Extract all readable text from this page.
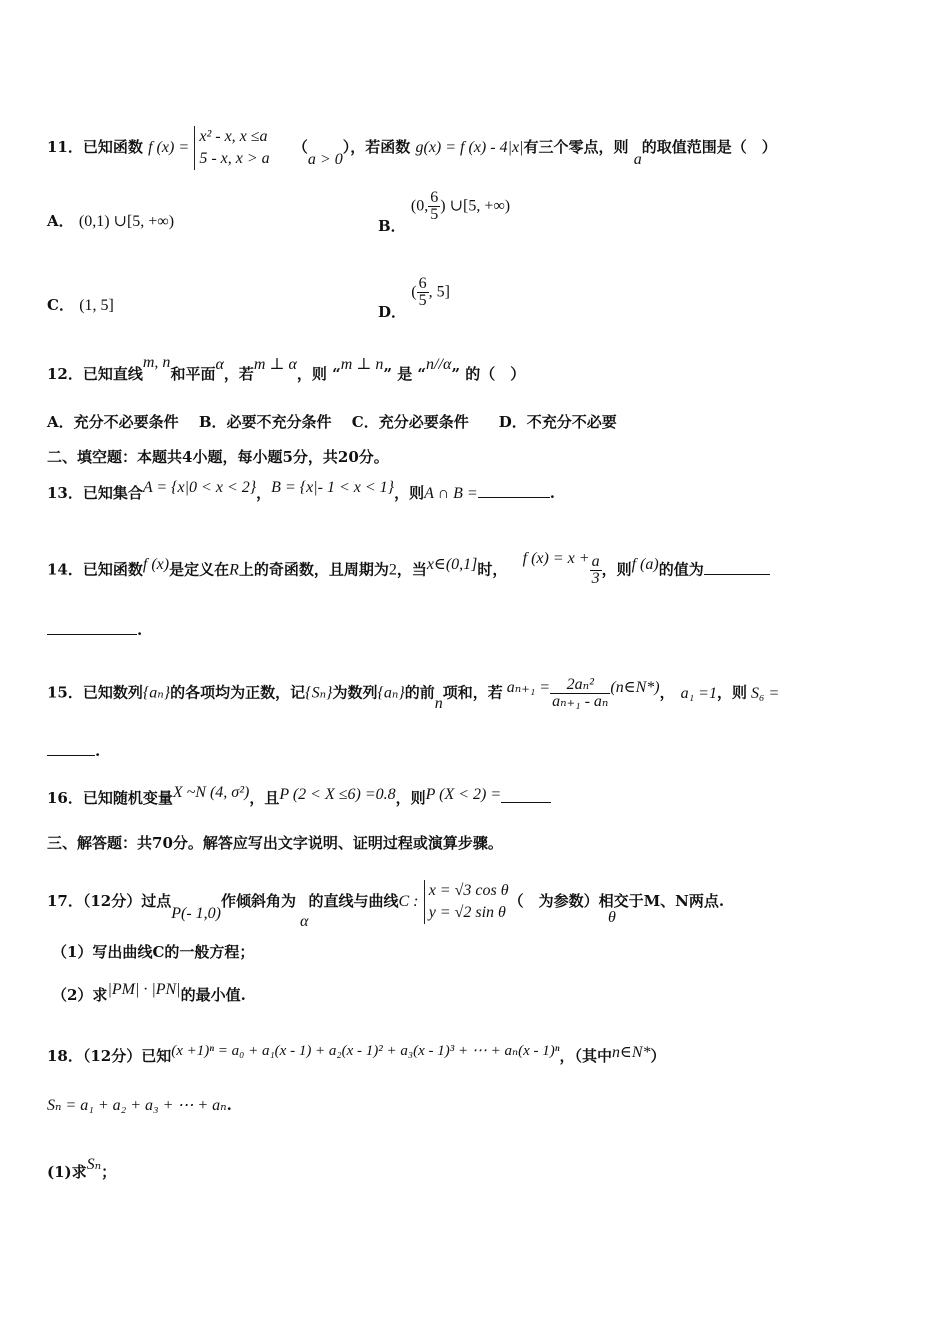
11．已知函数 f (x) =
x² - x, x ≤a
5 - x, x > a
（a > 0），若函数 g(x) = f (x) - 4|x|有三个零点，则 a的取值范围是（　）
A． (0,1) ∪[5, +∞)	B． (0, $\frac{6}{5}$ ) ∪[5, +∞)
C． (1, 5]	D． ( $\frac{6}{5}$ , 5]
12．已知直线m, n和平面α，若m ⊥ α，则 “m ⊥ n” 是 “n//α” 的（　）
A．充分不必要条件　 B．必要不充分条件　 C．充分必要条件　　D．不充分不必要
二、填空题：本题共4小题，每小题5分，共20分。
13．已知集合A = {x|0 < x < 2}，B = {x|- 1 < x < 1}，则A ∩ B =	.
14．已知函数f (x)是定义在R上的奇函数，且周期为2，当x∈(0,1]时， f $(x) = x + \frac{a}{3}$ ，则f (a)的值为
.
15．已知数列{aₙ}的各项均为正数，记{Sₙ}为数列{aₙ}的前n项和，若 $a_{n+1} = \frac{\text{2aₙ²}}{\text{aₙ₊₁ - aₙ}}$ (n∈N*)， a₁ =1，则 S₆ =
.
16．已知随机变量X ~N (4, σ²)，且P (2 < X ≤6) =0.8，则P (X < 2) =
三、解答题：共70分。解答应写出文字说明、证明过程或演算步骤。
17．（12分）过点P(- 1,0)作倾斜角为α的直线与曲线C :
x = √3 cos θ
y = √2 sin θ
（　为参数）相交于M、N两点.
θ
（1）写出曲线C的一般方程；
（2）求|PM| · |PN|的最小值.
18．（12分）已知(x +1)ⁿ = a₀ + a₁(x - 1) + a₂(x - 1)² + a₃(x - 1)³ + ⋯ + aₙ(x - 1)ⁿ，（其中n∈N*）
Sₙ = a₁ + a₂ + a₃ + ⋯ + aₙ.
(1)求Sₙ；
